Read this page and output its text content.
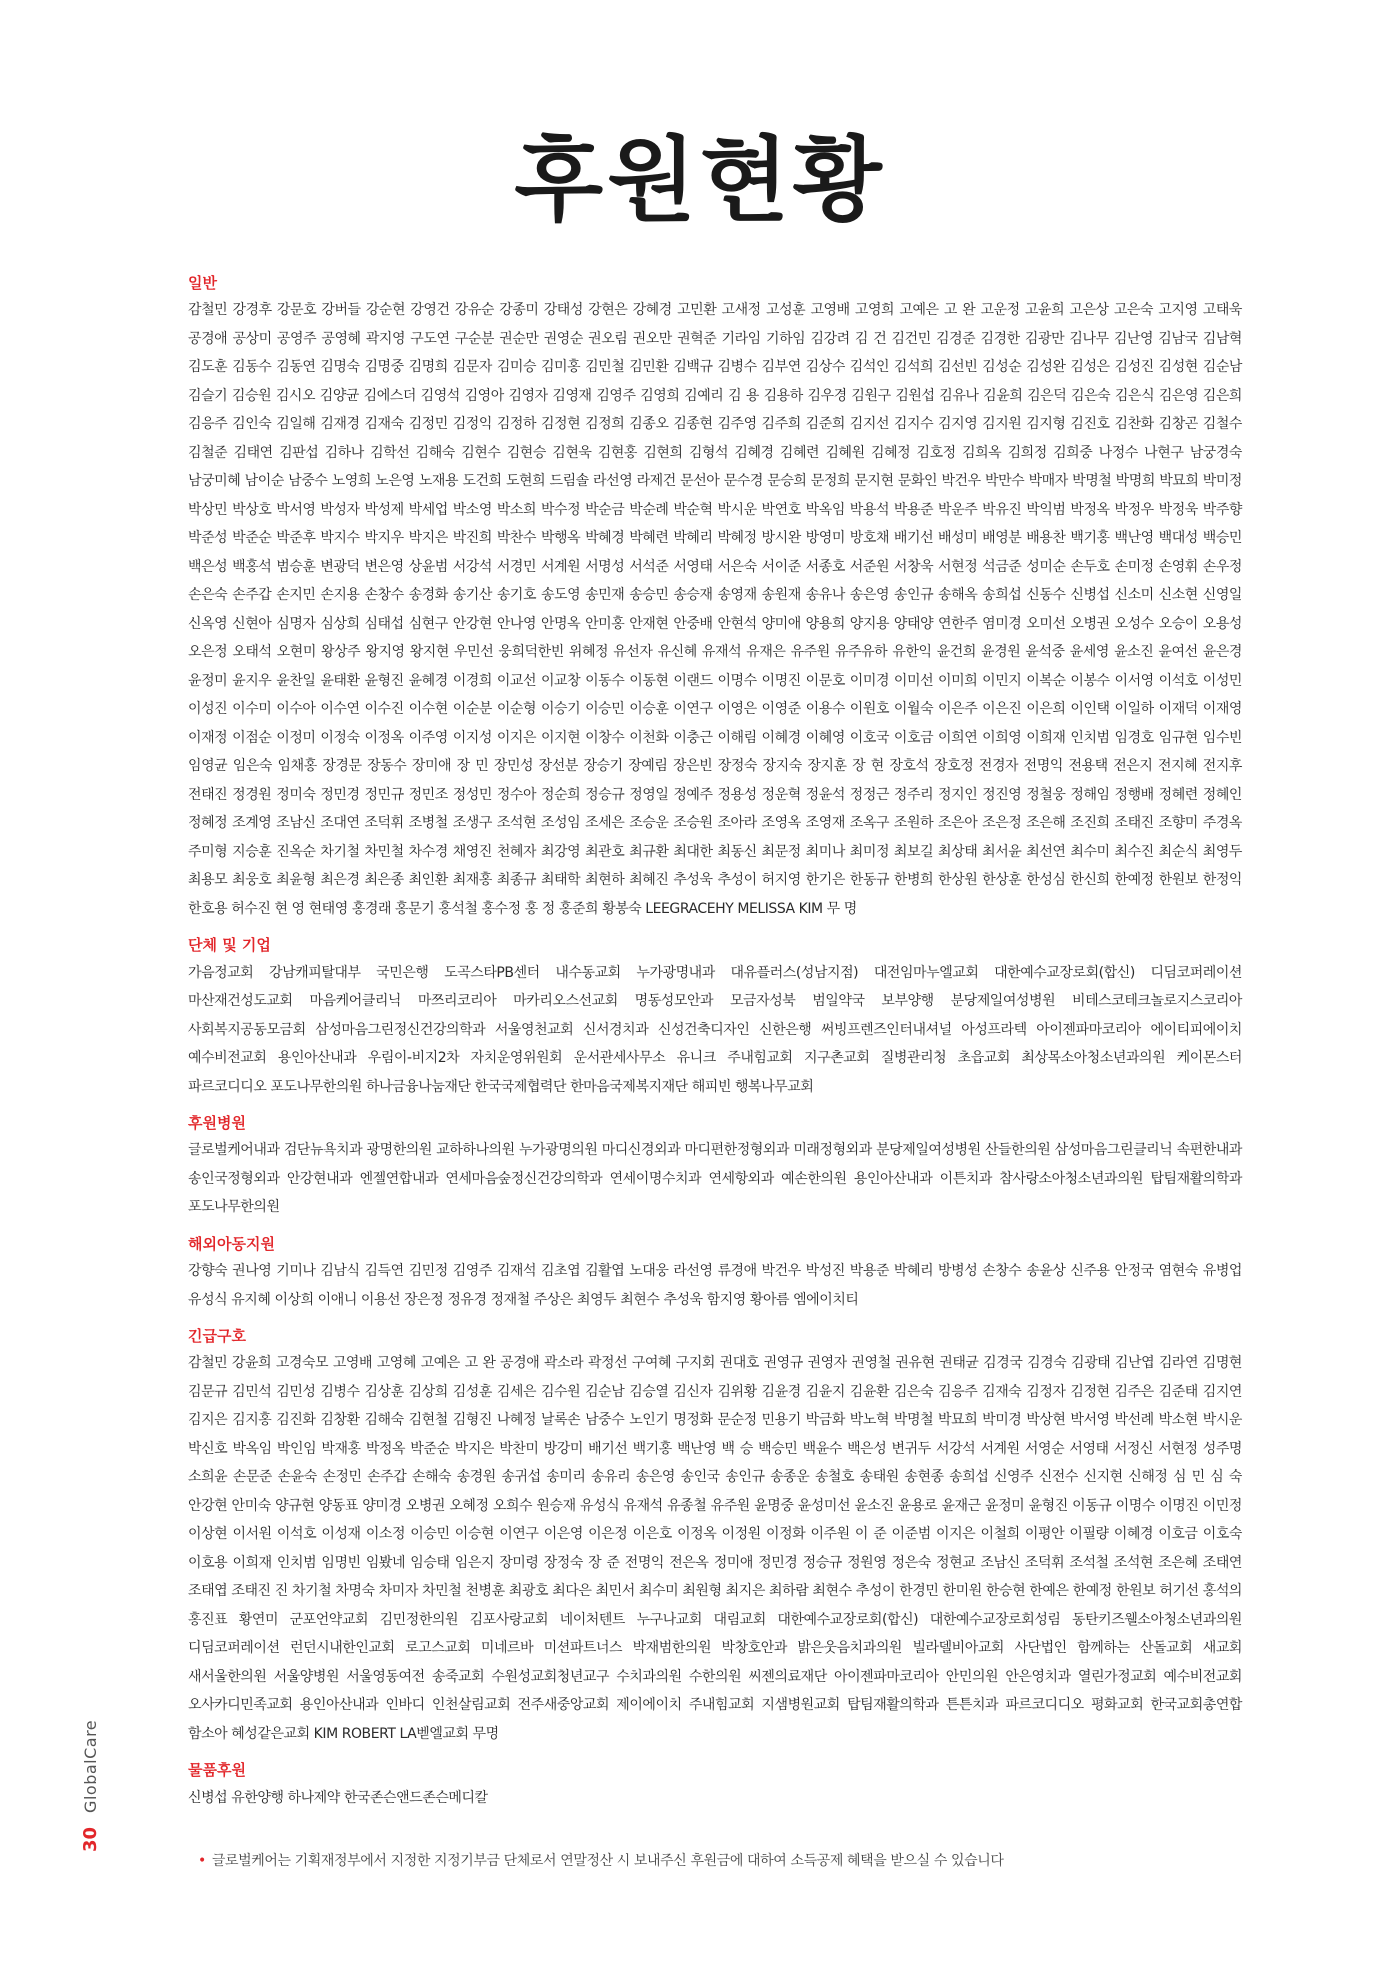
후원현황
일반

감철민 강경후 강문호 강버들 강순현 강영건 강유순 강종미 강태성 강현은 강혜경 고민환 고새정 고성훈 고영배 고영희 고예은 고 완 고운정 고윤희 고은상 고은숙 고지영 고태욱 공경애 공상미 공영주 공영혜 곽지영 구도연 구순분 권순만 권영순 권오림 권오만 권혁준 기라임 기하임 김강려 김 건 김건민 김경준 김경한 김광만 김나무 김난영 김남국 김남혁 김도훈 김동수 김동연 김명숙 김명중 김명희 김문자 김미승 김미홍 김민철 김민환 김백규 김병수 김부연 김상수 김석인 김석희 김선빈 김성순 김성완 김성은 김성진 김성현 김순남 김슬기 김승원 김시오 김양균 김에스더 김영석 김영아 김영자 김영재 김영주 김영희 김예리 김 용 김용하 김우경 김원구 김원섭 김유나 김윤희 김은덕 김은숙 김은식 김은영 김은희 김응주 김인숙 김일해 김재경 김재숙 김정민 김정익 김정하 김정현 김정희 김종오 김종현 김주영 김주희 김준희 김지선 김지수 김지영 김지원 김지형 김진호 김찬화 김창곤 김철수 김철준 김태연 김판섭 김하나 김학선 김해숙 김현수 김현승 김현욱 김현홍 김현희 김형석 김혜경 김혜련 김혜원 김혜정 김호정 김희옥 김희정 김희중 나정수 나현구 남궁경숙 남궁미혜 남이순 남중수 노영희 노은영 노재용 도건희 도현희 드림솔 라선영 라제건 문선아 문수경 문승희 문정희 문지현 문화인 박건우 박만수 박매자 박명철 박명희 박묘희 박미정 박상민 박상호 박서영 박성자 박성제 박세업 박소영 박소희 박수정 박순금 박순례 박순혁 박시운 박연호 박옥임 박용석 박용준 박운주 박유진 박익범 박정옥 박정우 박정욱 박주향 박준성 박준순 박준후 박지수 박지우 박지은 박진희 박찬수 박행옥 박혜경 박혜련 박혜리 박혜정 방시완 방영미 방호채 배기선 배성미 배영분 배용찬 백기홍 백난영 백대성 백승민 백은성 백홍석 범승훈 변광덕 변은영 상윤범 서강석 서경민 서계원 서명성 서석준 서영태 서은숙 서이준 서종호 서준원 서창욱 서현정 석금준 성미순 손두호 손미정 손영휘 손우정 손은숙 손주갑 손지민 손지용 손창수 송경화 송기산 송기호 송도영 송민재 송승민 송승재 송영재 송원재 송유나 송은영 송인규 송해옥 송희섭 신동수 신병섭 신소미 신소현 신영일 신옥영 신현아 심명자 심상희 심태섭 심현구 안강현 안나영 안명옥 안미홍 안재현 안중배 안현석 양미애 양용희 양지용 양태양 연한주 염미경 오미선 오병권 오성수 오승이 오용성 오은정 오태석 오현미 왕상주 왕지영 왕지현 우민선 웅희덕한빈 위혜정 유선자 유신혜 유재석 유재은 유주원 유주유하 유한익 윤건희 윤경원 윤석중 윤세영 윤소진 윤여선 윤은경 윤정미 윤지우 윤찬일 윤태환 윤형진 윤혜경 이경희 이교선 이교창 이동수 이동현 이랜드 이명수 이명진 이문호 이미경 이미선 이미희 이민지 이복순 이봉수 이서영 이석호 이성민 이성진 이수미 이수아 이수연 이수진 이수현 이순분 이순형 이승기 이승민 이승훈 이연구 이영은 이영준 이용수 이원호 이월숙 이은주 이은진 이은희 이인택 이일하 이재덕 이재영 이재정 이점순 이정미 이정숙 이정옥 이주영 이지성 이지은 이지현 이창수 이천화 이충근 이해림 이혜경 이혜영 이호국 이호금 이희연 이희영 이희재 인치범 임경호 임규현 임수빈 임영균 임은숙 임채홍 장경문 장동수 장미애 장 민 장민성 장선분 장승기 장예림 장은빈 장정숙 장지숙 장지훈 장 현 장호석 장호정 전경자 전명익 전용택 전은지 전지혜 전지후 전태진 정경원 정미숙 정민경 정민규 정민조 정성민 정수아 정순희 정승규 정영일 정예주 정용성 정운혁 정윤석 정정근 정주리 정지인 정진영 정철웅 정해임 정행배 정혜련 정혜인 정혜정 조계영 조남신 조대연 조덕휘 조병철 조생구 조석현 조성임 조세은 조승운 조승원 조아라 조영옥 조영재 조옥구 조원하 조은아 조은정 조은해 조진희 조태진 조향미 주경옥 주미형 지승훈 진옥순 차기철 차민철 차수경 채영진 천혜자 최강영 최관호 최규환 최대한 최동신 최문정 최미나 최미정 최보길 최상태 최서윤 최선연 최수미 최수진 최순식 최영두 최용모 최웅호 최윤형 최은경 최은종 최인환 최재홍 최종규 최태학 최현하 최혜진 추성욱 추성이 허지영 한기은 한동규 한병희 한상원 한상훈 한성심 한신희 한예정 한원보 한정익 한호용 허수진 현 영 현태영 홍경래 홍문기 홍석철 홍수정 홍 정 홍준희 황봉숙 LEEGRACEHY MELISSA KIM 무 명

단체 및 기업

가음정교회 강남캐피탈대부 국민은행 도곡스타PB센터 내수동교회 누가광명내과 대유플러스(성남지점) 대전임마누엘교회 대한예수교장로회(합신) 디딤코퍼레이션 마산재건성도교회 마음케어클리닉 마쯔리코리아 마카리오스선교회 명동성모안과 모금자성북 범일약국 보부양행 분당제일여성병원 비테스코테크놀로지스코리아 사회복지공동모금회 삼성마음그린정신건강의학과 서울영천교회 신서경치과 신성건축디자인 신한은행 써빙프렌즈인터내셔널 아성프라텍 아이젠파마코리아 에이티피에이치 예수비전교회 용인아산내과 우림이-비지2차 자치운영위원회 운서관세사무소 유니크 주내힘교회 지구촌교회 질병관리청 초읍교회 최상목소아청소년과의원 케이몬스터 파르코디디오 포도나무한의원 하나금융나눔재단 한국국제협력단 한마음국제복지재단 해피빈 행복나무교회

후원병원

글로벌케어내과 검단뉴욕치과 광명한의원 교하하나의원 누가광명의원 마디신경외과 마디편한정형외과 미래정형외과 분당제일여성병원 산들한의원 삼성마음그린클리닉 속편한내과 송인국정형외과 안강현내과 엔젤연합내과 연세마음숲정신건강의학과 연세이명수치과 연세항외과 예손한의원 용인아산내과 이튼치과 참사랑소아청소년과의원 탑팀재활의학과 포도나무한의원

해외아동지원

강향숙 권나영 기미나 김남식 김득연 김민정 김영주 김재석 김초엽 김활엽 노대웅 라선영 류경애 박건우 박성진 박용준 박혜리 방병성 손창수 송윤상 신주용 안정국 염현숙 유병업 유성식 유지혜 이상희 이애니 이용선 장은정 정유경 정재철 주상은 최영두 최현수 추성욱 함지영 황아름 엠에이치티

긴급구호

감철민 강윤희 고경숙모 고영배 고영혜 고예은 고 완 공경애 곽소라 곽정선 구여혜 구지회 권대호 권영규 권영자 권영철 권유현 권태균 김경국 김경숙 김광태 김난엽 김라연 김명현 김문규 김민석 김민성 김병수 김상훈 김상희 김성훈 김세은 김수원 김순남 김승열 김신자 김위황 김윤경 김윤지 김윤환 김은숙 김응주 김재숙 김정자 김정현 김주은 김준태 김지연 김지은 김지홍 김진화 김창환 김해숙 김현철 김형진 나혜정 날록손 남중수 노인기 명정화 문순정 민용기 박금화 박노혁 박명철 박묘희 박미경 박상현 박서영 박선례 박소현 박시운 박신호 박옥임 박인임 박재홍 박정옥 박준순 박지은 박찬미 방강미 배기선 백기홍 백난영 백 승 백승민 백윤수 백은성 변귀두 서강석 서계원 서영순 서영태 서정신 서현정 성주명 소희윤 손문준 손윤숙 손정민 손주갑 손해숙 송경원 송귀섭 송미리 송유리 송은영 송인국 송인규 송종운 송철호 송태원 송현종 송희섭 신영주 신전수 신지현 신해정 심 민 심 숙 안강현 안미숙 양규현 양동표 양미경 오병권 오혜정 오희수 원승재 유성식 유재석 유종철 유주원 윤명중 윤성미선 윤소진 윤용로 윤재근 윤정미 윤형진 이동규 이명수 이명진 이민정 이상현 이서원 이석호 이성재 이소정 이승민 이승현 이연구 이은영 이은정 이은호 이정옥 이정원 이정화 이주원 이 준 이준범 이지은 이철희 이평안 이필량 이혜경 이호금 이호숙 이호용 이희재 인치범 임명빈 임봤네 임승태 임은지 장미령 장정숙 장 준 전명익 전은옥 정미애 정민경 정승규 정원영 정은숙 정현교 조남신 조덕휘 조석철 조석현 조은혜 조태연 조태엽 조태진 진 차기철 차명숙 차미자 차민철 천병훈 최광호 최다은 최민서 최수미 최원형 최지은 최하람 최현수 추성이 한경민 한미원 한승현 한예은 한예정 한원보 허기선 홍석의 홍진표 황연미 군포언약교회 김민정한의원 김포사랑교회 네이처텐트 누구나교회 대림교회 대한예수교장로회(합신) 대한예수교장로회성림 동탄키즈웰소아청소년과의원 디딤코퍼레이션 런던시내한인교회 로고스교회 미네르바 미션파트너스 박재범한의원 박창호안과 밝은웃음치과의원 빌라델비아교회 사단법인 함께하는 산돌교회 새교회 새서울한의원 서울양병원 서울영동여전 송죽교회 수원성교회청년교구 수치과의원 수한의원 씨젠의료재단 아이젠파마코리아 안민의원 안은영치과 열린가정교회 예수비전교회 오사카디민족교회 용인아산내과 인바디 인천살림교회 전주새중앙교회 제이에이치 주내힘교회 지샘병원교회 탑팀재활의학과 튼튼치과 파르코디디오 평화교회 한국교회총연합 함소아 혜성같은교회 KIM ROBERT LA벧엘교회 무명

물품후원

신병섭 유한양행 하나제약 한국존슨앤드존슨메디칼

• 글로벌케어는 기획재정부에서 지정한 지정기부금 단체로서 연말정산 시 보내주신 후원금에 대하여 소득공제 혜택을 받으실 수 있습니다
30
GlobalCare
